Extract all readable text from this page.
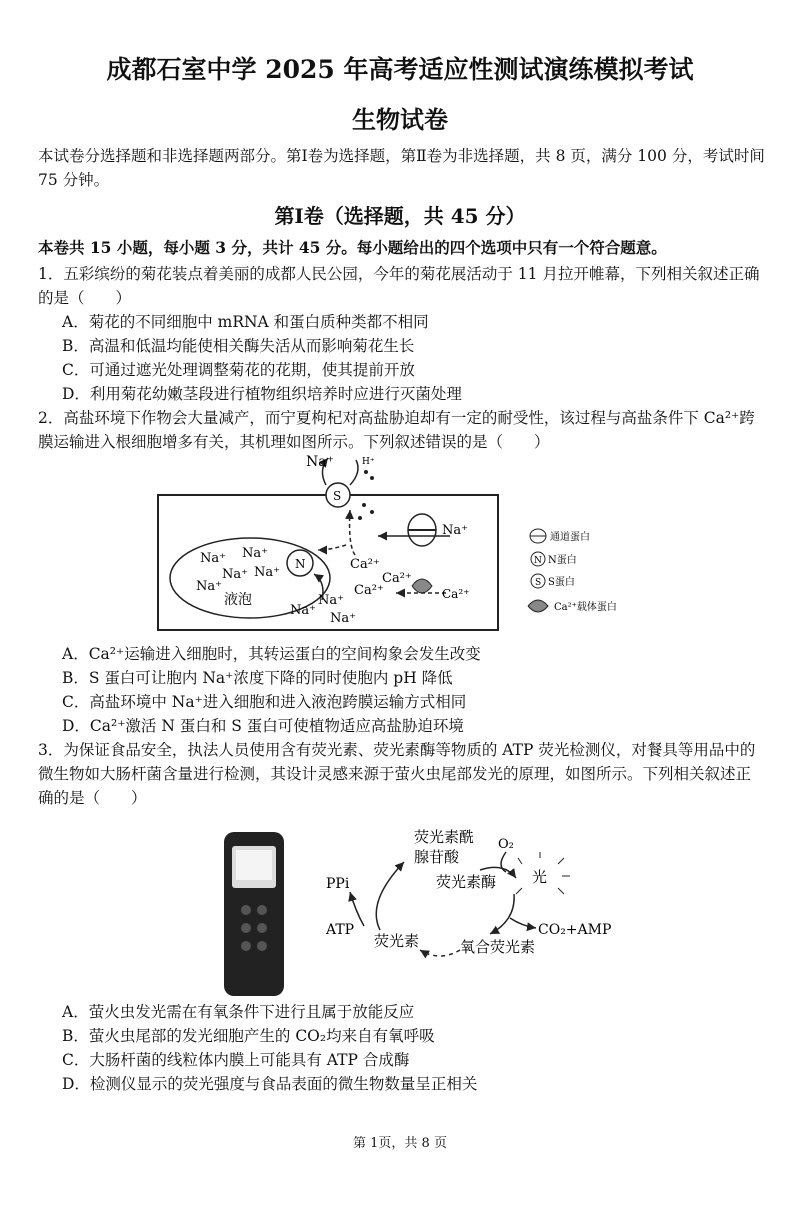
成都石室中学 2025 年高考适应性测试演练模拟考试
生物试卷
本试卷分选择题和非选择题两部分。第Ⅰ卷为选择题，第Ⅱ卷为非选择题，共 8 页，满分 100 分，考试时间
75 分钟。
第Ⅰ卷（选择题，共 45 分）
本卷共 15 小题，每小题 3 分，共计 45 分。每小题给出的四个选项中只有一个符合题意。
1．五彩缤纷的菊花装点着美丽的成都人民公园，今年的菊花展活动于 11 月拉开帷幕，下列相关叙述正确
的是（　　）
A．菊花的不同细胞中 mRNA 和蛋白质种类都不相同
B．高温和低温均能使相关酶失活从而影响菊花生长
C．可通过遮光处理调整菊花的花期，使其提前开放
D．利用菊花幼嫩茎段进行植物组织培养时应进行灭菌处理
2．高盐环境下作物会大量减产，而宁夏枸杞对高盐胁迫却有一定的耐受性，该过程与高盐条件下 Ca²⁺跨
膜运输进入根细胞增多有关，其机理如图所示。下列叙述错误的是（　　）
S
Na⁺	H⁺
Na⁺
Ca²⁺
Ca²⁺
Ca²⁺
Ca²⁺
N
Na⁺ Na⁺
Na⁺ Na⁺
Na⁺
液泡
Na⁺
Na⁺
Na⁺
通道蛋白
N N蛋白
S S蛋白
Ca²⁺载体蛋白
A．Ca²⁺运输进入细胞时，其转运蛋白的空间构象会发生改变
B．S 蛋白可让胞内 Na⁺浓度下降的同时使胞内 pH 降低
C．高盐环境中 Na⁺进入细胞和进入液泡跨膜运输方式相同
D．Ca²⁺激活 N 蛋白和 S 蛋白可使植物适应高盐胁迫环境
3．为保证食品安全，执法人员使用含有荧光素、荧光素酶等物质的 ATP 荧光检测仪，对餐具等用品中的
微生物如大肠杆菌含量进行检测，其设计灵感来源于萤火虫尾部发光的原理，如图所示。下列相关叙述正
确的是（　　）
荧光素酰
腺苷酸
O₂
荧光素酶 光
PPi
ATP
荧光素
CO₂+AMP
氧合荧光素
A．萤火虫发光需在有氧条件下进行且属于放能反应
B．萤火虫尾部的发光细胞产生的 CO₂均来自有氧呼吸
C．大肠杆菌的线粒体内膜上可能具有 ATP 合成酶
D．检测仪显示的荧光强度与食品表面的微生物数量呈正相关
第 1页，共 8 页
